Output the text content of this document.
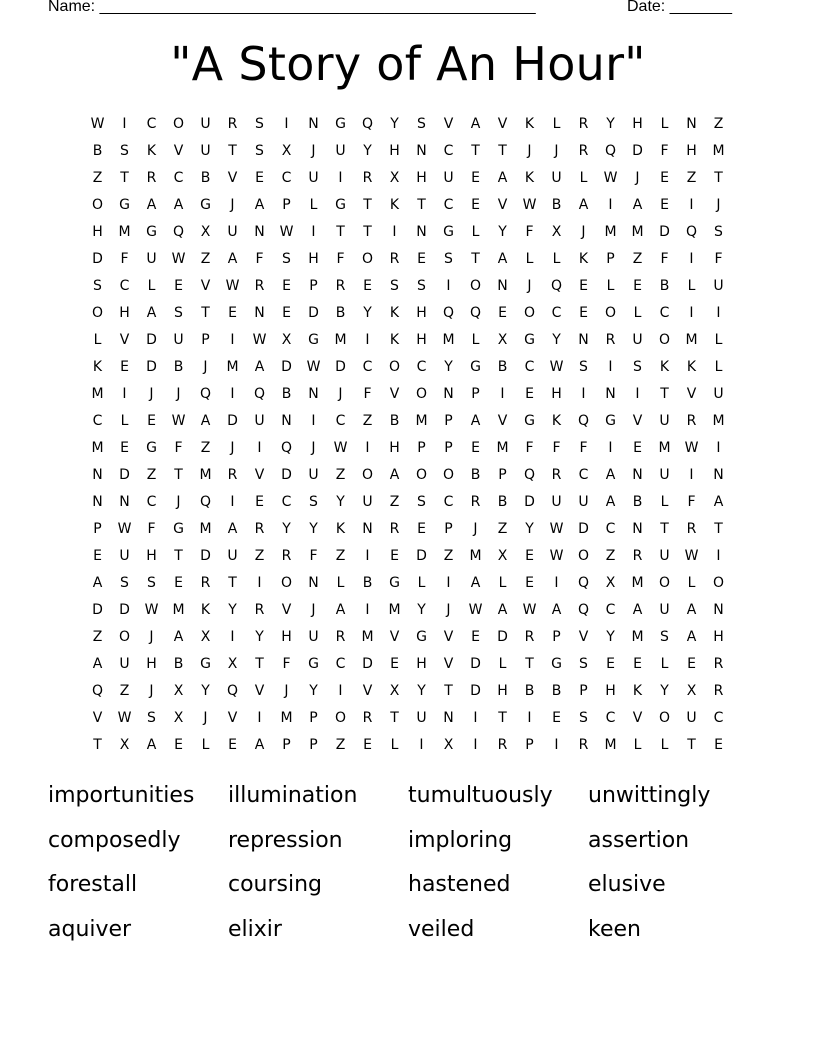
Name: _________________________________________________	Date: _______
"A Story of An Hour"
W	I	C	O	U	R	S	I	N	G	Q	Y	S	V	A	V	K	L	R	Y	H	L	N	Z
B	S	K	V	U	T	S	X	J	U	Y	H	N	C	T	T	J	J	R	Q	D	F	H	M
Z	T	R	C	B	V	E	C	U	I	R	X	H	U	E	A	K	U	L	W	J	E	Z	T
O	G	A	A	G	J	A	P	L	G	T	K	T	C	E	V	W	B	A	I	A	E	I	J
H	M	G	Q	X	U	N	W	I	T	T	I	N	G	L	Y	F	X	J	M	M	D	Q	S
D	F	U	W	Z	A	F	S	H	F	O	R	E	S	T	A	L	L	K	P	Z	F	I	F
S	C	L	E	V	W	R	E	P	R	E	S	S	I	O	N	J	Q	E	L	E	B	L	U
O	H	A	S	T	E	N	E	D	B	Y	K	H	Q	Q	E	O	C	E	O	L	C	I	I
L	V	D	U	P	I	W	X	G	M	I	K	H	M	L	X	G	Y	N	R	U	O	M	L
K	E	D	B	J	M	A	D	W	D	C	O	C	Y	G	B	C	W	S	I	S	K	K	L
M	I	J	J	Q	I	Q	B	N	J	F	V	O	N	P	I	E	H	I	N	I	T	V	U
C	L	E	W	A	D	U	N	I	C	Z	B	M	P	A	V	G	K	Q	G	V	U	R	M
M	E	G	F	Z	J	I	Q	J	W	I	H	P	P	E	M	F	F	F	I	E	M	W	I
N	D	Z	T	M	R	V	D	U	Z	O	A	O	O	B	P	Q	R	C	A	N	U	I	N
N	N	C	J	Q	I	E	C	S	Y	U	Z	S	C	R	B	D	U	U	A	B	L	F	A
P	W	F	G	M	A	R	Y	Y	K	N	R	E	P	J	Z	Y	W	D	C	N	T	R	T
E	U	H	T	D	U	Z	R	F	Z	I	E	D	Z	M	X	E	W	O	Z	R	U	W	I
A	S	S	E	R	T	I	O	N	L	B	G	L	I	A	L	E	I	Q	X	M	O	L	O
D	D	W	M	K	Y	R	V	J	A	I	M	Y	J	W	A	W	A	Q	C	A	U	A	N
Z	O	J	A	X	I	Y	H	U	R	M	V	G	V	E	D	R	P	V	Y	M	S	A	H
A	U	H	B	G	X	T	F	G	C	D	E	H	V	D	L	T	G	S	E	E	L	E	R
Q	Z	J	X	Y	Q	V	J	Y	I	V	X	Y	T	D	H	B	B	P	H	K	Y	X	R
V	W	S	X	J	V	I	M	P	O	R	T	U	N	I	T	I	E	S	C	V	O	U	C
T	X	A	E	L	E	A	P	P	Z	E	L	I	X	I	R	P	I	R	M	L	L	T	E
importunities	illumination	tumultuously	unwittingly
composedly	repression	imploring	assertion
forestall	coursing	hastened	elusive
aquiver	elixir	veiled	keen
